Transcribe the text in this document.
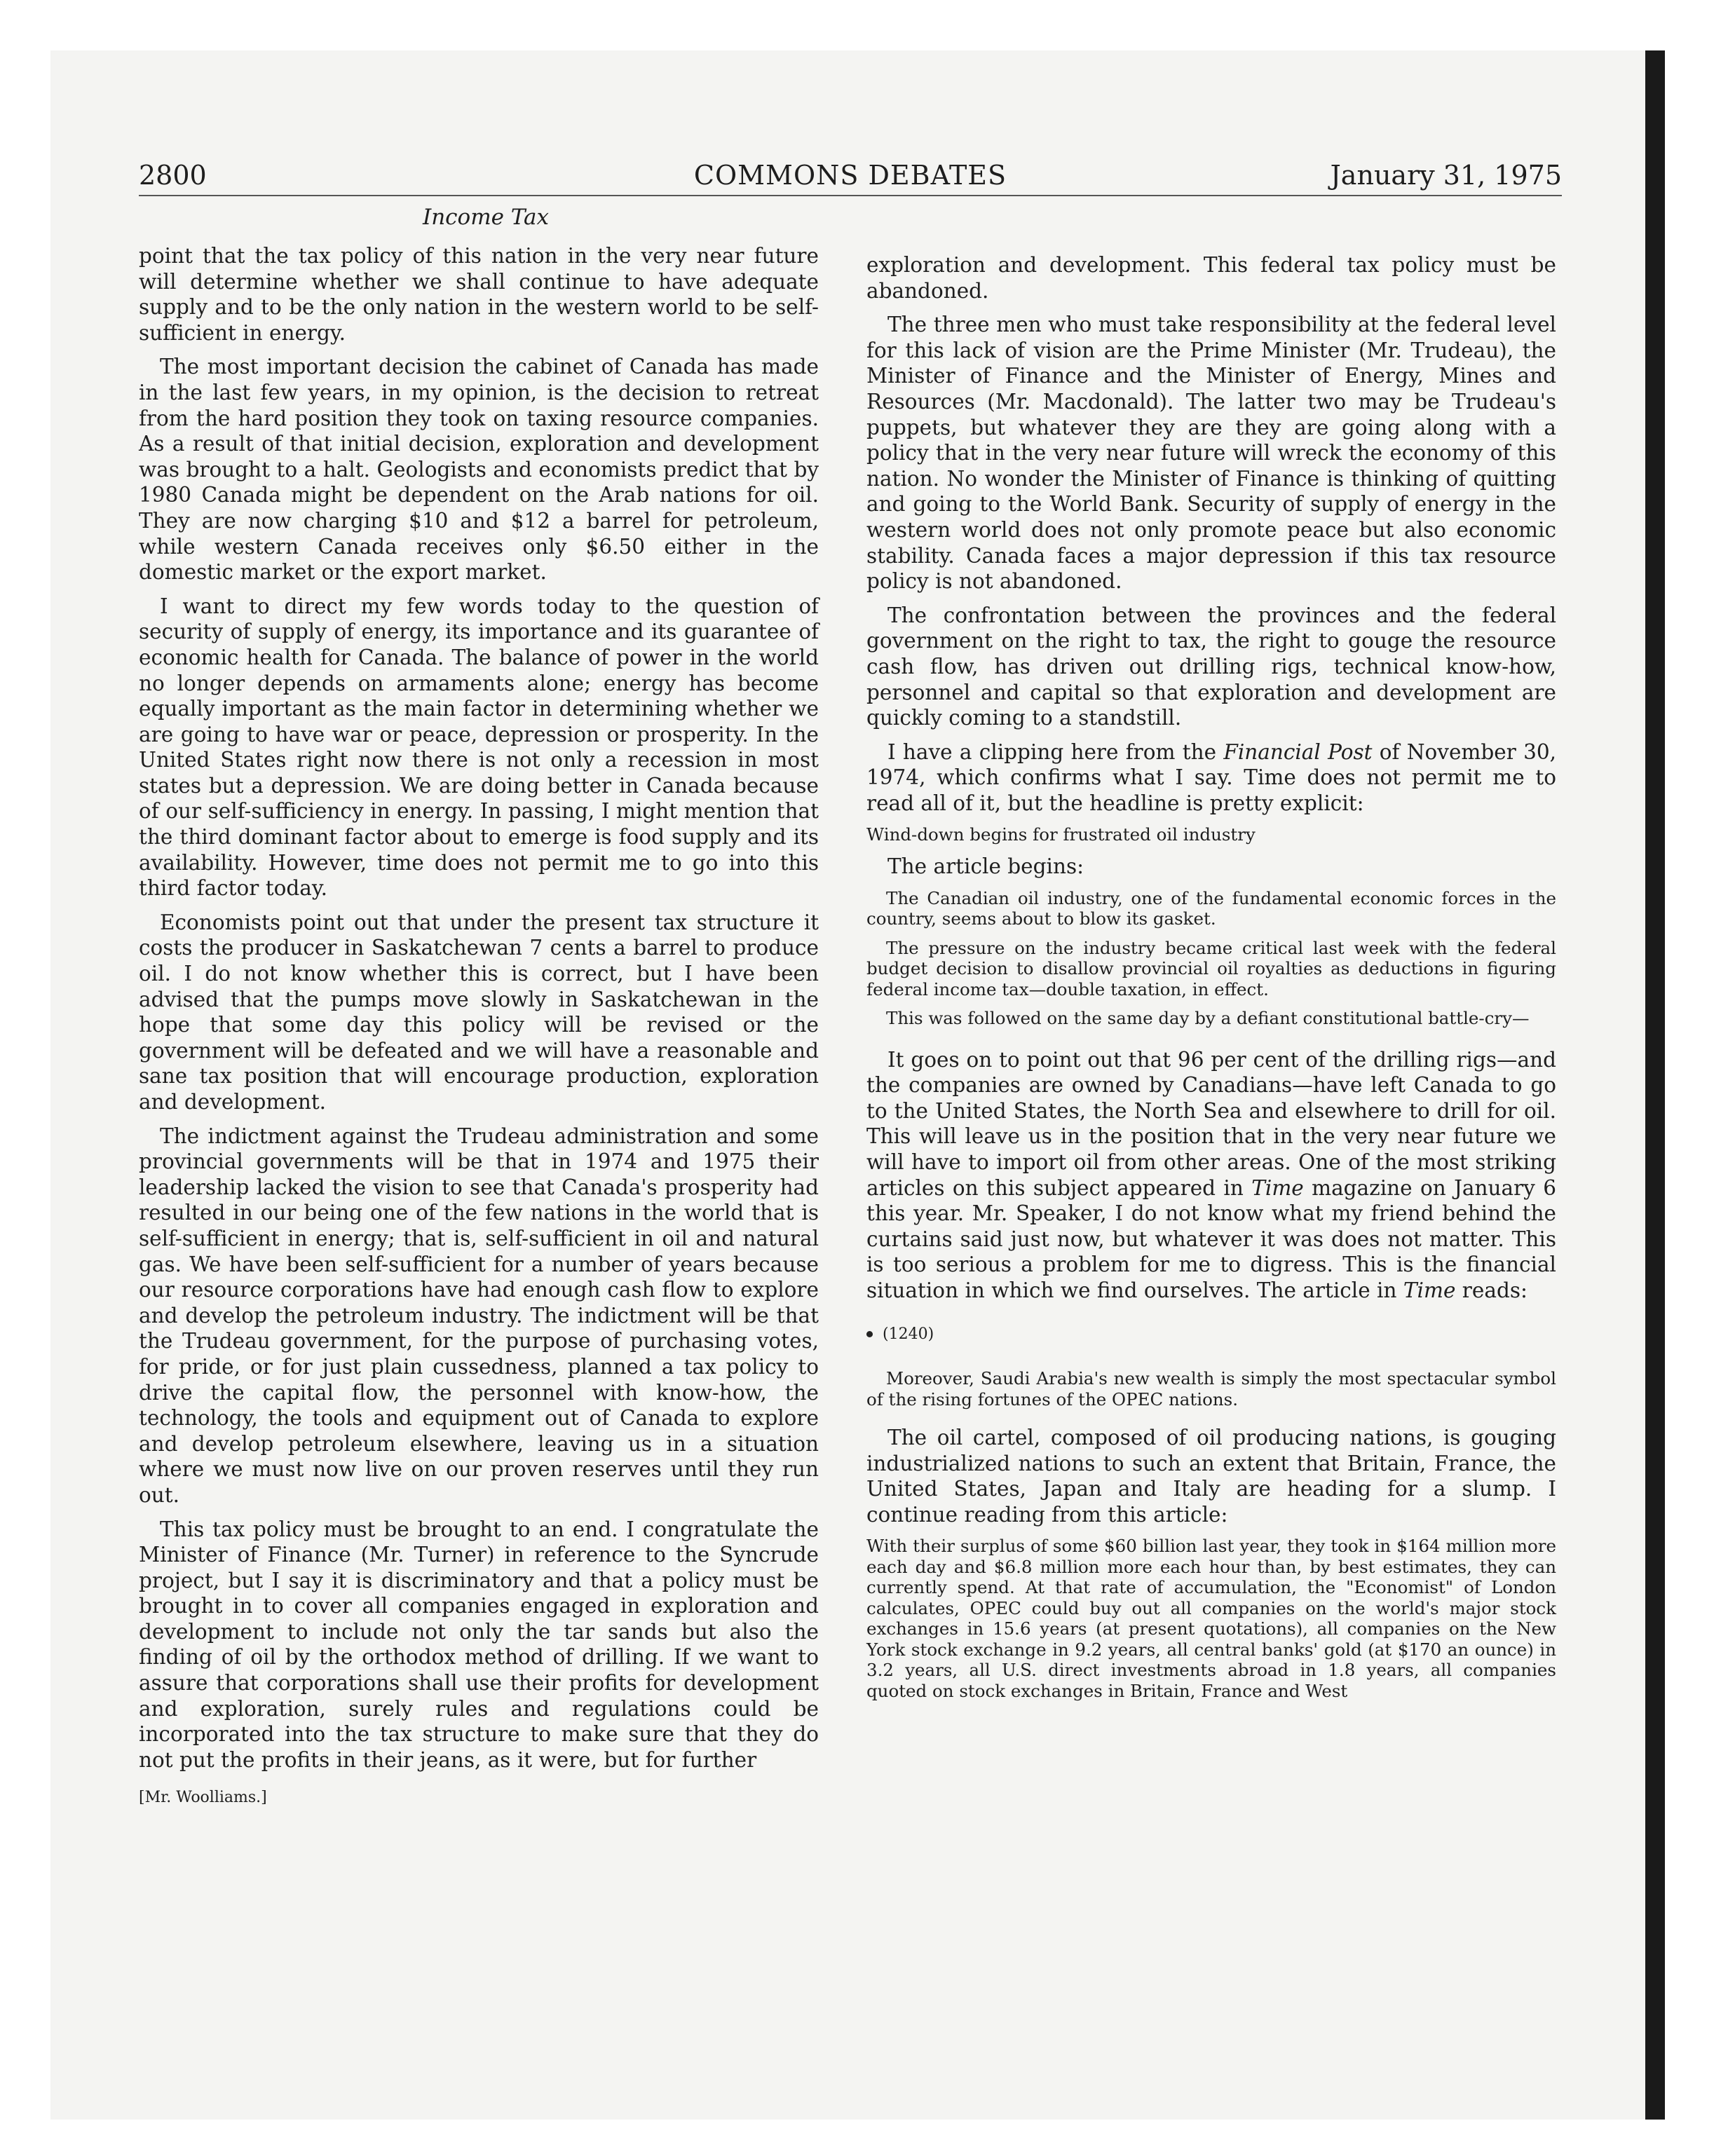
2800	COMMONS DEBATES	January 31, 1975
Income Tax

point that the tax policy of this nation in the very near future will determine whether we shall continue to have adequate supply and to be the only nation in the western world to be self-sufficient in energy.

The most important decision the cabinet of Canada has made in the last few years, in my opinion, is the decision to retreat from the hard position they took on taxing resource companies. As a result of that initial decision, exploration and development was brought to a halt. Geologists and economists predict that by 1980 Canada might be dependent on the Arab nations for oil. They are now charging $10 and $12 a barrel for petroleum, while western Canada receives only $6.50 either in the domestic market or the export market.

I want to direct my few words today to the question of security of supply of energy, its importance and its guarantee of economic health for Canada. The balance of power in the world no longer depends on armaments alone; energy has become equally important as the main factor in determining whether we are going to have war or peace, depression or prosperity. In the United States right now there is not only a recession in most states but a depression. We are doing better in Canada because of our self-sufficiency in energy. In passing, I might mention that the third dominant factor about to emerge is food supply and its availability. However, time does not permit me to go into this third factor today.

Economists point out that under the present tax structure it costs the producer in Saskatchewan 7 cents a barrel to produce oil. I do not know whether this is correct, but I have been advised that the pumps move slowly in Saskatchewan in the hope that some day this policy will be revised or the government will be defeated and we will have a reasonable and sane tax position that will encourage production, exploration and development.

The indictment against the Trudeau administration and some provincial governments will be that in 1974 and 1975 their leadership lacked the vision to see that Canada's prosperity had resulted in our being one of the few nations in the world that is self-sufficient in energy; that is, self-sufficient in oil and natural gas. We have been self-sufficient for a number of years because our resource corporations have had enough cash flow to explore and develop the petroleum industry. The indictment will be that the Trudeau government, for the purpose of purchasing votes, for pride, or for just plain cussedness, planned a tax policy to drive the capital flow, the personnel with know-how, the technology, the tools and equipment out of Canada to explore and develop petroleum elsewhere, leaving us in a situation where we must now live on our proven reserves until they run out.

This tax policy must be brought to an end. I congratulate the Minister of Finance (Mr. Turner) in reference to the Syncrude project, but I say it is discriminatory and that a policy must be brought in to cover all companies engaged in exploration and development to include not only the tar sands but also the finding of oil by the orthodox method of drilling. If we want to assure that corporations shall use their profits for development and exploration, surely rules and regulations could be incorporated into the tax structure to make sure that they do not put the profits in their jeans, as it were, but for further

[Mr. Woolliams.]

exploration and development. This federal tax policy must be abandoned.

The three men who must take responsibility at the federal level for this lack of vision are the Prime Minister (Mr. Trudeau), the Minister of Finance and the Minister of Energy, Mines and Resources (Mr. Macdonald). The latter two may be Trudeau's puppets, but whatever they are they are going along with a policy that in the very near future will wreck the economy of this nation. No wonder the Minister of Finance is thinking of quitting and going to the World Bank. Security of supply of energy in the western world does not only promote peace but also economic stability. Canada faces a major depression if this tax resource policy is not abandoned.

The confrontation between the provinces and the federal government on the right to tax, the right to gouge the resource cash flow, has driven out drilling rigs, technical know-how, personnel and capital so that exploration and development are quickly coming to a standstill.

I have a clipping here from the Financial Post of November 30, 1974, which confirms what I say. Time does not permit me to read all of it, but the headline is pretty explicit:

Wind-down begins for frustrated oil industry

The article begins:

The Canadian oil industry, one of the fundamental economic forces in the country, seems about to blow its gasket.
The pressure on the industry became critical last week with the federal budget decision to disallow provincial oil royalties as deductions in figuring federal income tax—double taxation, in effect.
This was followed on the same day by a defiant constitutional battle-cry—

It goes on to point out that 96 per cent of the drilling rigs—and the companies are owned by Canadians—have left Canada to go to the United States, the North Sea and elsewhere to drill for oil. This will leave us in the position that in the very near future we will have to import oil from other areas. One of the most striking articles on this subject appeared in Time magazine on January 6 this year. Mr. Speaker, I do not know what my friend behind the curtains said just now, but whatever it was does not matter. This is too serious a problem for me to digress. This is the financial situation in which we find ourselves. The article in Time reads:

(1240)
Moreover, Saudi Arabia's new wealth is simply the most spectacular symbol of the rising fortunes of the OPEC nations.

The oil cartel, composed of oil producing nations, is gouging industrialized nations to such an extent that Britain, France, the United States, Japan and Italy are heading for a slump. I continue reading from this article:

With their surplus of some $60 billion last year, they took in $164 million more each day and $6.8 million more each hour than, by best estimates, they can currently spend. At that rate of accumulation, the "Economist" of London calculates, OPEC could buy out all companies on the world's major stock exchanges in 15.6 years (at present quotations), all companies on the New York stock exchange in 9.2 years, all central banks' gold (at $170 an ounce) in 3.2 years, all U.S. direct investments abroad in 1.8 years, all companies quoted on stock exchanges in Britain, France and West
